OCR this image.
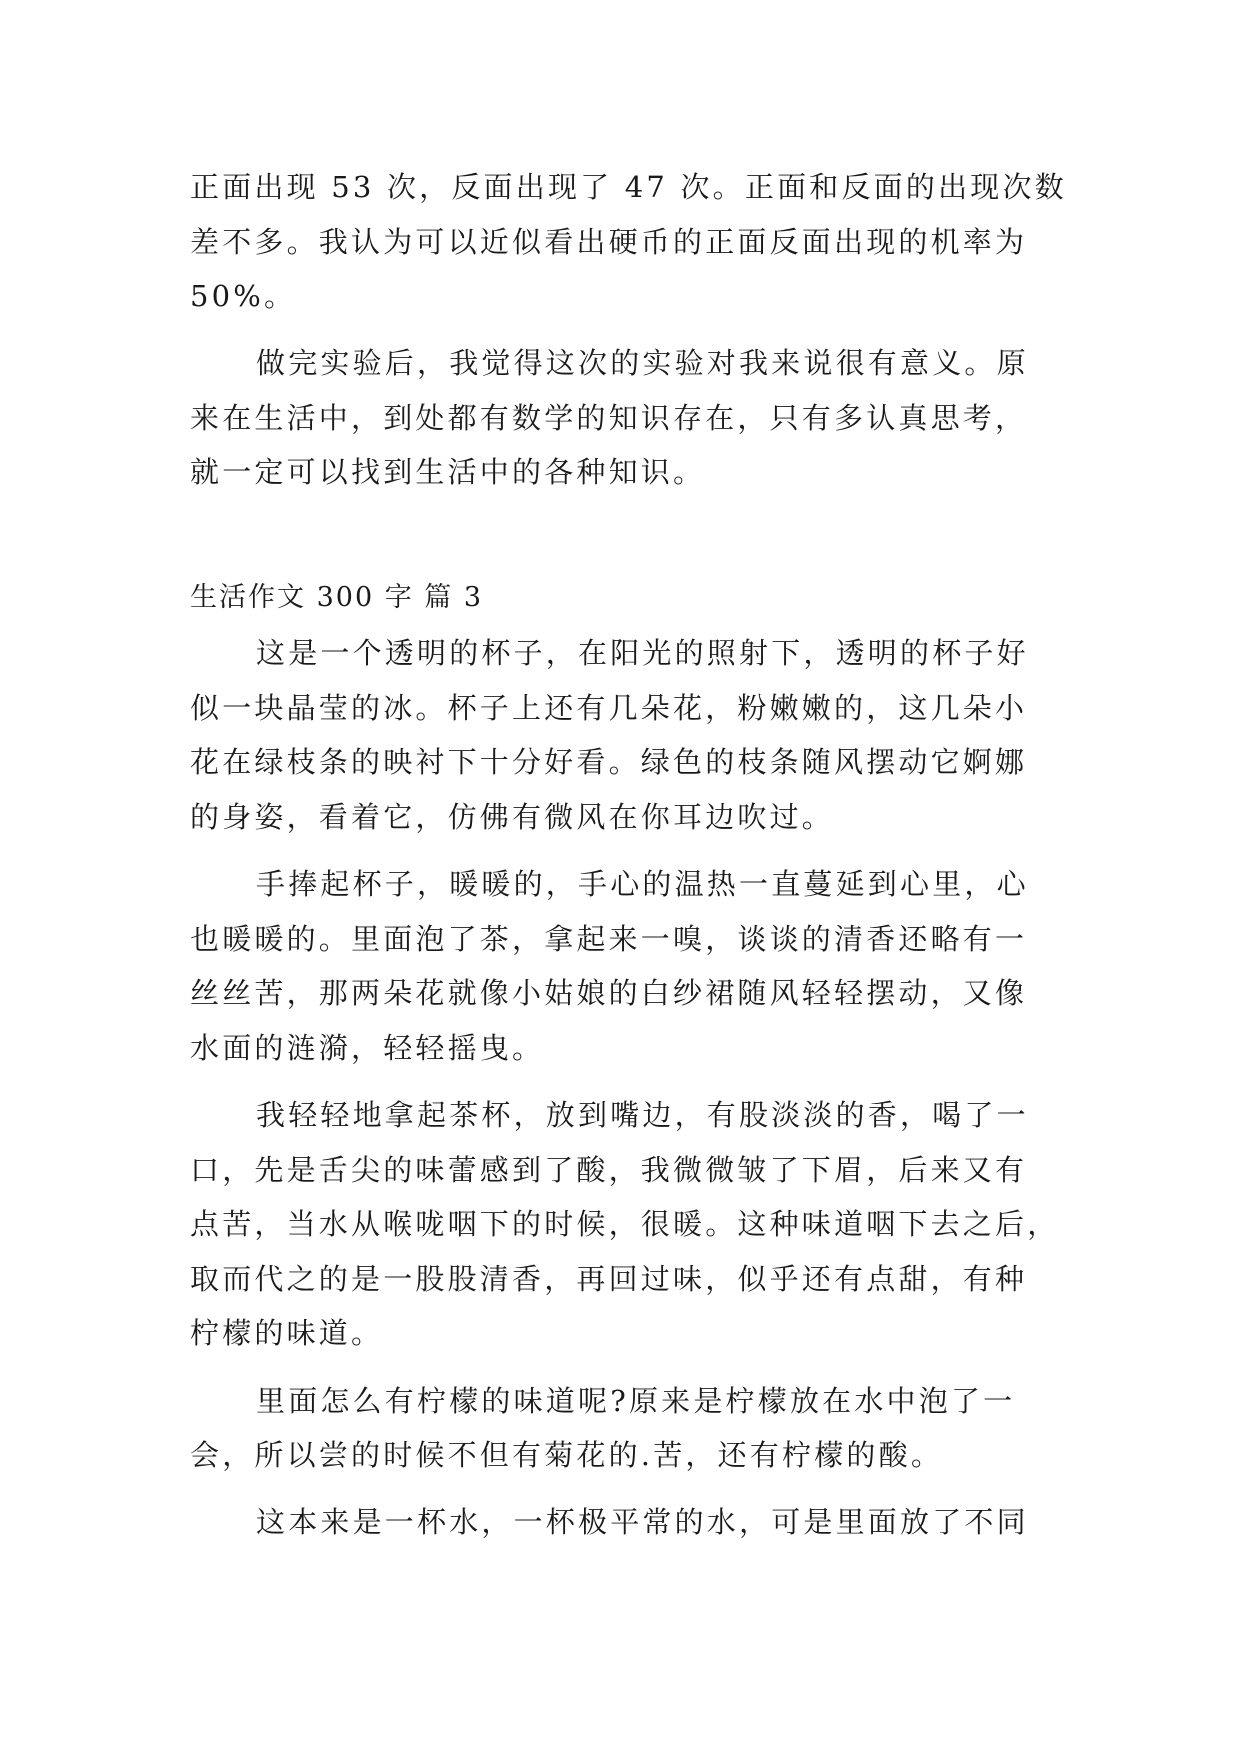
正面出现 53 次，反面出现了 47 次。正面和反面的出现次数
差不多。我认为可以近似看出硬币的正面反面出现的机率为
50%。
做完实验后，我觉得这次的实验对我来说很有意义。原
来在生活中，到处都有数学的知识存在，只有多认真思考，
就一定可以找到生活中的各种知识。
生活作文 300 字 篇 3
这是一个透明的杯子，在阳光的照射下，透明的杯子好
似一块晶莹的冰。杯子上还有几朵花，粉嫩嫩的，这几朵小
花在绿枝条的映衬下十分好看。绿色的枝条随风摆动它婀娜
的身姿，看着它，仿佛有微风在你耳边吹过。
手捧起杯子，暖暖的，手心的温热一直蔓延到心里，心
也暖暖的。里面泡了茶，拿起来一嗅，谈谈的清香还略有一
丝丝苦，那两朵花就像小姑娘的白纱裙随风轻轻摆动，又像
水面的涟漪，轻轻摇曳。
我轻轻地拿起茶杯，放到嘴边，有股淡淡的香，喝了一
口，先是舌尖的味蕾感到了酸，我微微皱了下眉，后来又有
点苦，当水从喉咙咽下的时候，很暖。这种味道咽下去之后，
取而代之的是一股股清香，再回过味，似乎还有点甜，有种
柠檬的味道。
里面怎么有柠檬的味道呢?原来是柠檬放在水中泡了一
会，所以尝的时候不但有菊花的.苦，还有柠檬的酸。
这本来是一杯水，一杯极平常的水，可是里面放了不同
